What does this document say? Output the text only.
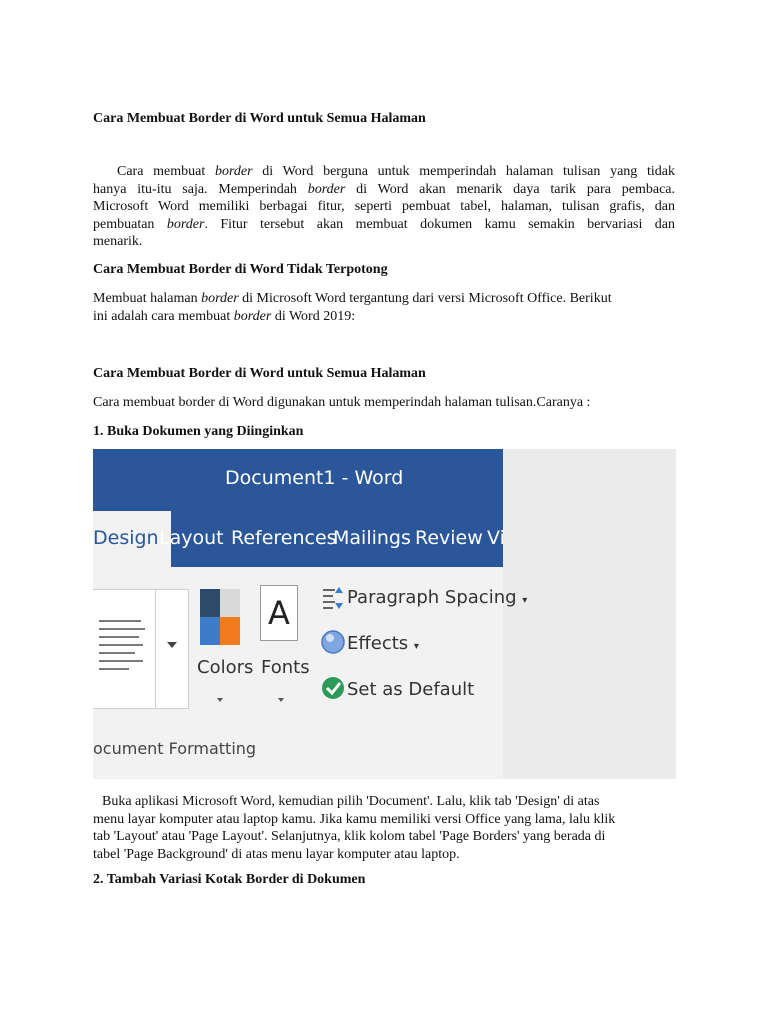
Cara Membuat Border di Word untuk Semua Halaman
Cara membuat border di Word berguna untuk memperindah halaman tulisan yang tidak
hanya itu-itu saja. Memperindah border di Word akan menarik daya tarik para pembaca.
Microsoft Word memiliki berbagai fitur, seperti pembuat tabel, halaman, tulisan grafis, dan
pembuatan border. Fitur tersebut akan membuat dokumen kamu semakin bervariasi dan
menarik.
Cara Membuat Border di Word Tidak Terpotong
Membuat halaman border di Microsoft Word tergantung dari versi Microsoft Office. Berikut
ini adalah cara membuat border di Word 2019:
Cara Membuat Border di Word untuk Semua Halaman
Cara membuat border di Word digunakan untuk memperindah halaman tulisan.Caranya :
1. Buka Dokumen yang Diinginkan
Document1 - Word
Design Layout References
Mailings Review Vi
Colors
A
Fonts
Paragraph Spacing ▾
Effects ▾
Set as Default
ocument Formatting
Buka aplikasi Microsoft Word, kemudian pilih 'Document'. Lalu, klik tab 'Design' di atas
menu layar komputer atau laptop kamu. Jika kamu memiliki versi Office yang lama, lalu klik
tab 'Layout' atau 'Page Layout'. Selanjutnya, klik kolom tabel 'Page Borders' yang berada di
tabel 'Page Background' di atas menu layar komputer atau laptop.
2. Tambah Variasi Kotak Border di Dokumen
